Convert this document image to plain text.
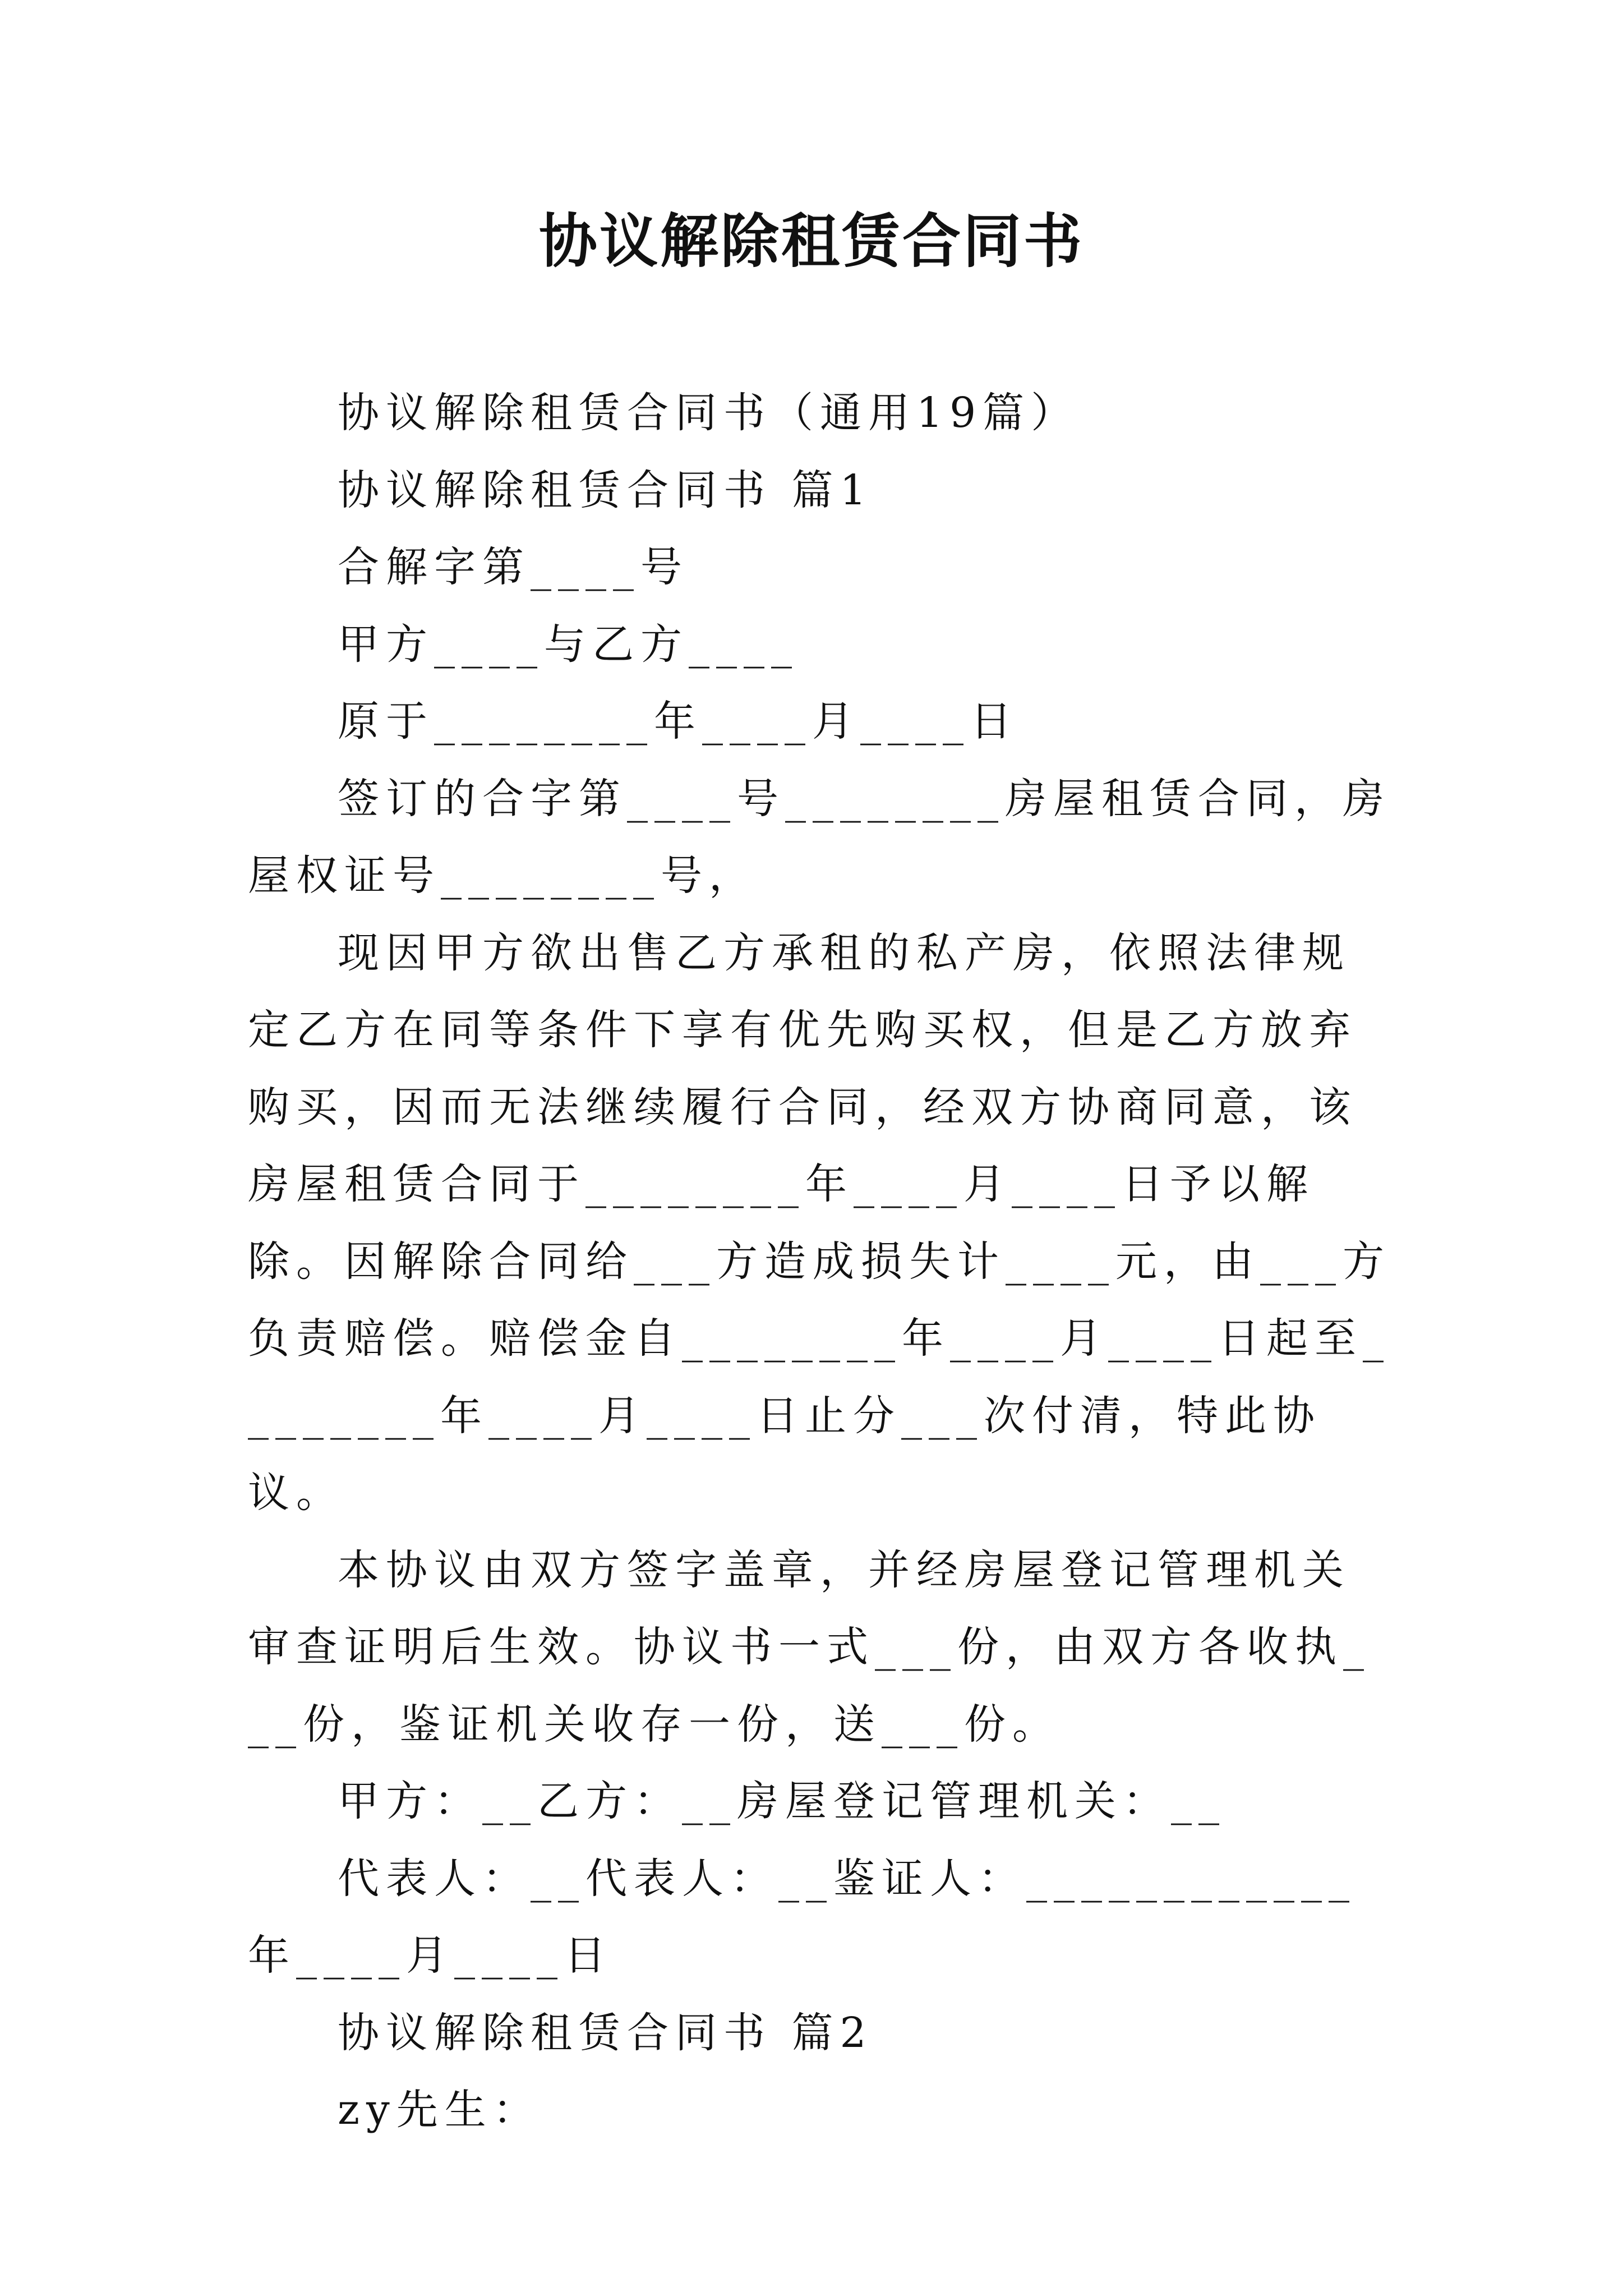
协议解除租赁合同书

协议解除租赁合同书（通用19篇）

协议解除租赁合同书 篇1

合解字第____号

甲方____与乙方____

原于________年____月____日

签订的合字第____号________房屋租赁合同，房屋权证号________号，

现因甲方欲出售乙方承租的私产房，依照法律规定乙方在同等条件下享有优先购买权，但是乙方放弃购买，因而无法继续履行合同，经双方协商同意，该房屋租赁合同于________年____月____日予以解除。因解除合同给___方造成损失计____元，由___方负责赔偿。赔偿金自________年____月____日起至________年____月____日止分___次付清，特此协议。

本协议由双方签字盖章，并经房屋登记管理机关审查证明后生效。协议书一式___份，由双方各收执___份，鉴证机关收存一份，送___份。

甲方：__乙方：__房屋登记管理机关：__

代表人：__代表人：__鉴证人：____________年____月____日

协议解除租赁合同书 篇2

zy先生：
